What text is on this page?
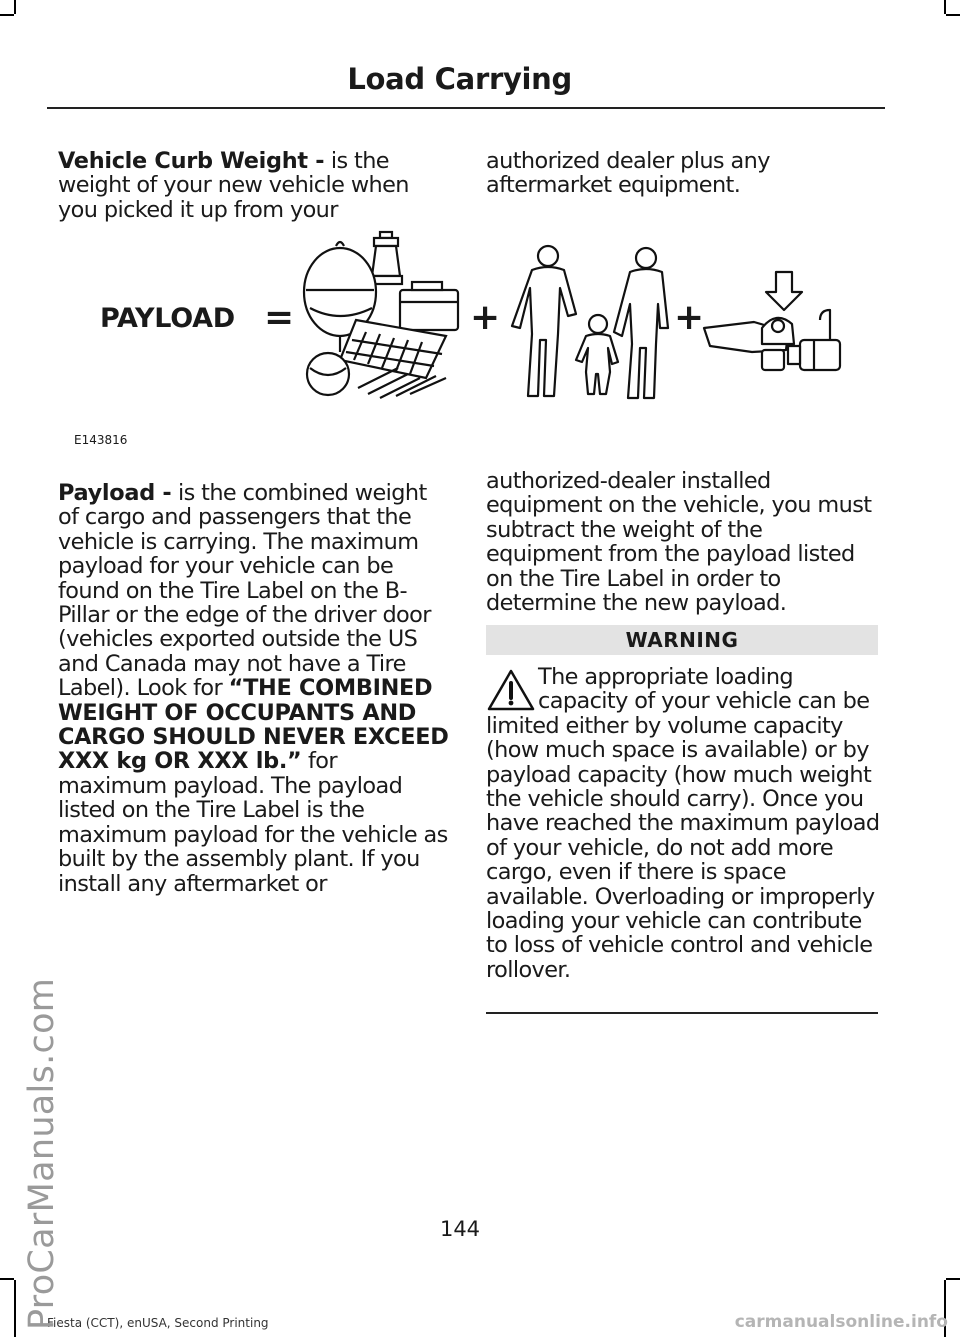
Load Carrying

Vehicle Curb Weight - is the weight of your new vehicle when you picked it up from your

authorized dealer plus any aftermarket equipment.

PAYLOAD =	+	+
E143816

Payload - is the combined weight of cargo and passengers that the vehicle is carrying. The maximum payload for your vehicle can be found on the Tire Label on the B-Pillar or the edge of the driver door (vehicles exported outside the US and Canada may not have a Tire Label). Look for “THE COMBINED WEIGHT OF OCCUPANTS AND CARGO SHOULD NEVER EXCEED XXX kg OR XXX lb.” for maximum payload. The payload listed on the Tire Label is the maximum payload for the vehicle as built by the assembly plant. If you install any aftermarket or

authorized-dealer installed equipment on the vehicle, you must subtract the weight of the equipment from the payload listed on the Tire Label in order to determine the new payload.

WARNING

The appropriate loading capacity of your vehicle can be limited either by volume capacity (how much space is available) or by payload capacity (how much weight the vehicle should carry). Once you have reached the maximum payload of your vehicle, do not add more cargo, even if there is space available. Overloading or improperly loading your vehicle can contribute to loss of vehicle control and vehicle rollover.

144
Fiesta (CCT), enUSA, Second Printing
ProCarManuals.com	carmanualsonline.info
